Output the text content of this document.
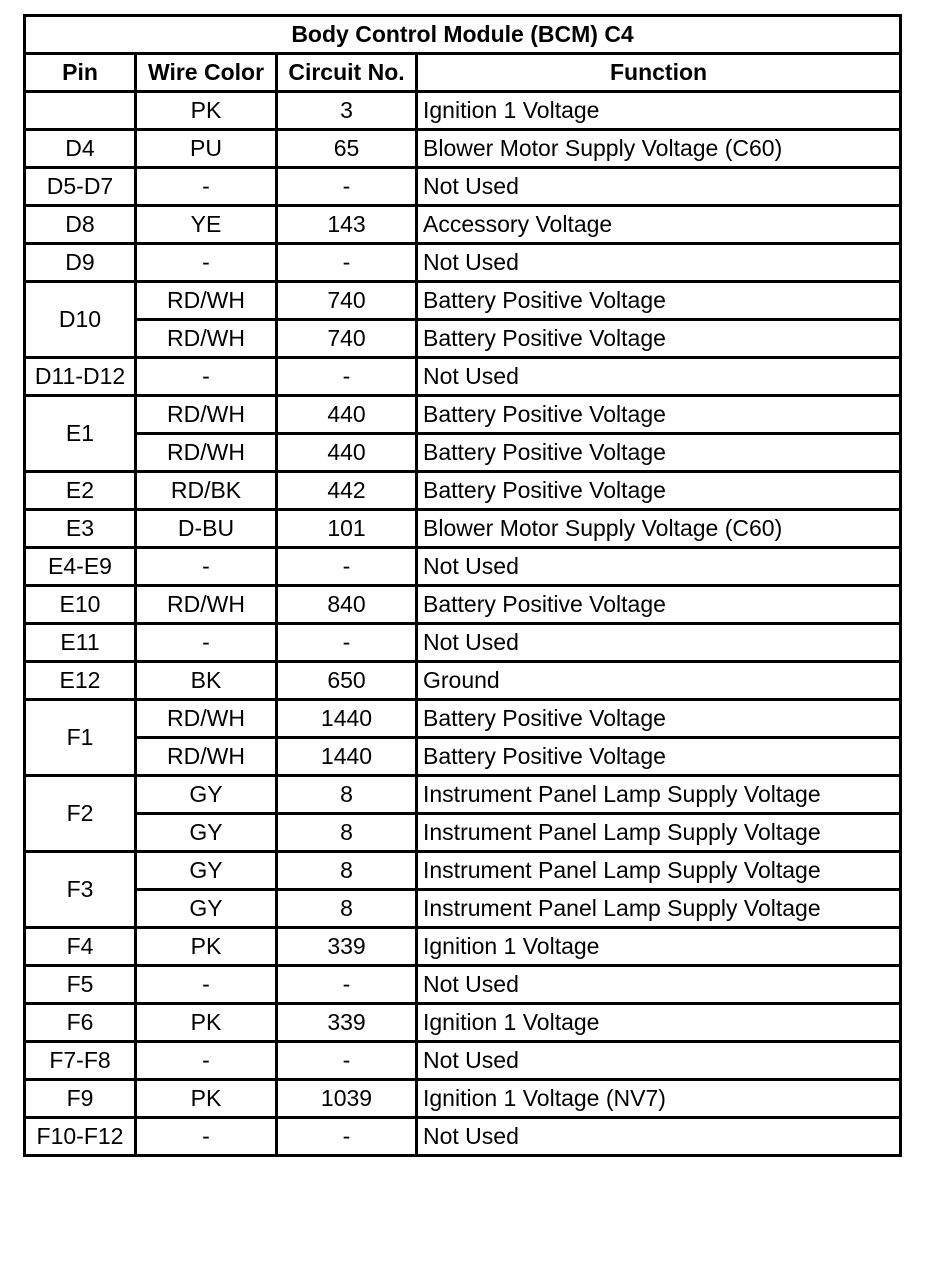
Body Control Module (BCM) C4			
Pin	Wire Color	Circuit No.	Function
	PK	3	Ignition 1 Voltage
D4	PU	65	Blower Motor Supply Voltage (C60)
D5-D7	-	-	Not Used
D8	YE	143	Accessory Voltage
D9	-	-	Not Used
D10	RD/WH	740	Battery Positive Voltage
	RD/WH	740	Battery Positive Voltage
D11-D12	-	-	Not Used
E1	RD/WH	440	Battery Positive Voltage
	RD/WH	440	Battery Positive Voltage
E2	RD/BK	442	Battery Positive Voltage
E3	D-BU	101	Blower Motor Supply Voltage (C60)
E4-E9	-	-	Not Used
E10	RD/WH	840	Battery Positive Voltage
E11	-	-	Not Used
E12	BK	650	Ground
F1	RD/WH	1440	Battery Positive Voltage
	RD/WH	1440	Battery Positive Voltage
F2	GY	8	Instrument Panel Lamp Supply Voltage
	GY	8	Instrument Panel Lamp Supply Voltage
F3	GY	8	Instrument Panel Lamp Supply Voltage
	GY	8	Instrument Panel Lamp Supply Voltage
F4	PK	339	Ignition 1 Voltage
F5	-	-	Not Used
F6	PK	339	Ignition 1 Voltage
F7-F8	-	-	Not Used
F9	PK	1039	Ignition 1 Voltage (NV7)
F10-F12	-	-	Not Used
